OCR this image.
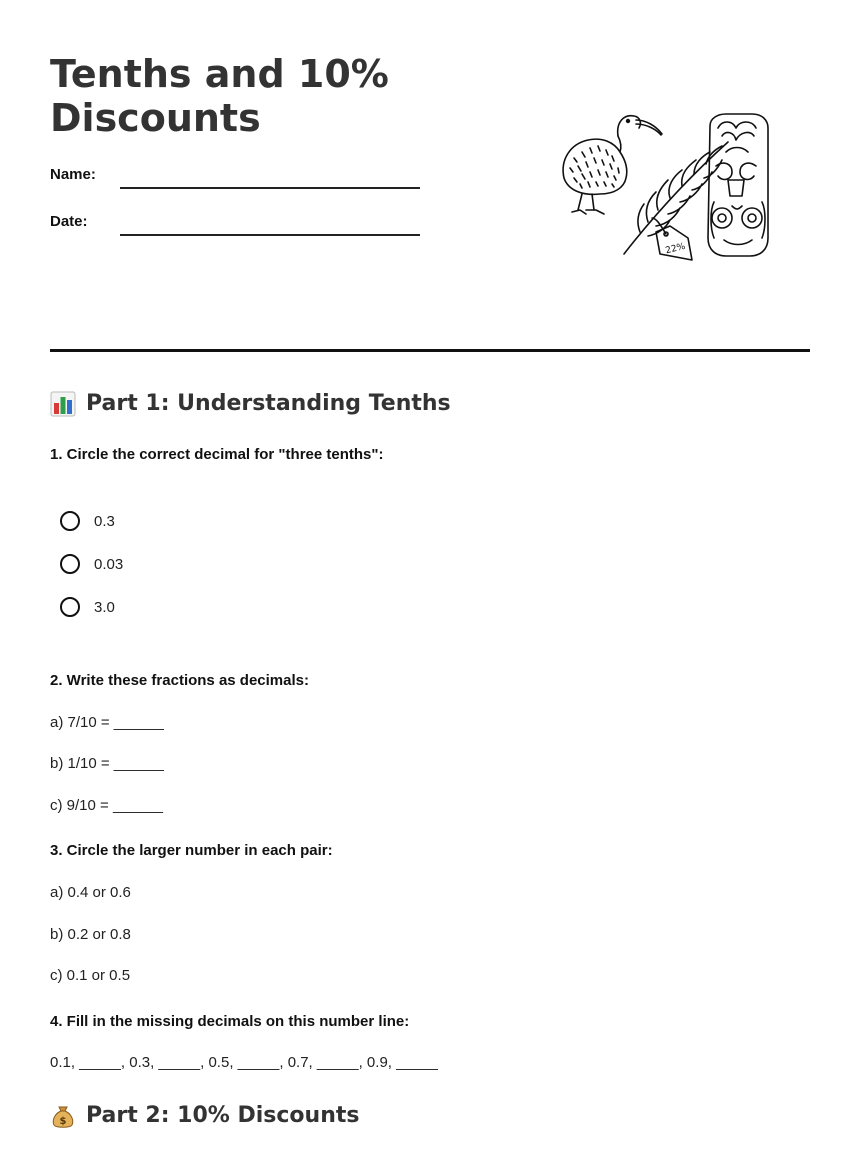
Tenths and 10% Discounts
Name:
Date:
22%
Part 1: Understanding Tenths

1. Circle the correct decimal for "three tenths":

0.3
0.03
3.0

2. Write these fractions as decimals:

a) 7/10 = ______
b) 1/10 = ______
c) 9/10 = ______

3. Circle the larger number in each pair:

a) 0.4 or 0.6
b) 0.2 or 0.8
c) 0.1 or 0.5

4. Fill in the missing decimals on this number line:

0.1, _____, 0.3, _____, 0.5, _____, 0.7, _____, 0.9, _____
$ Part 2: 10% Discounts
